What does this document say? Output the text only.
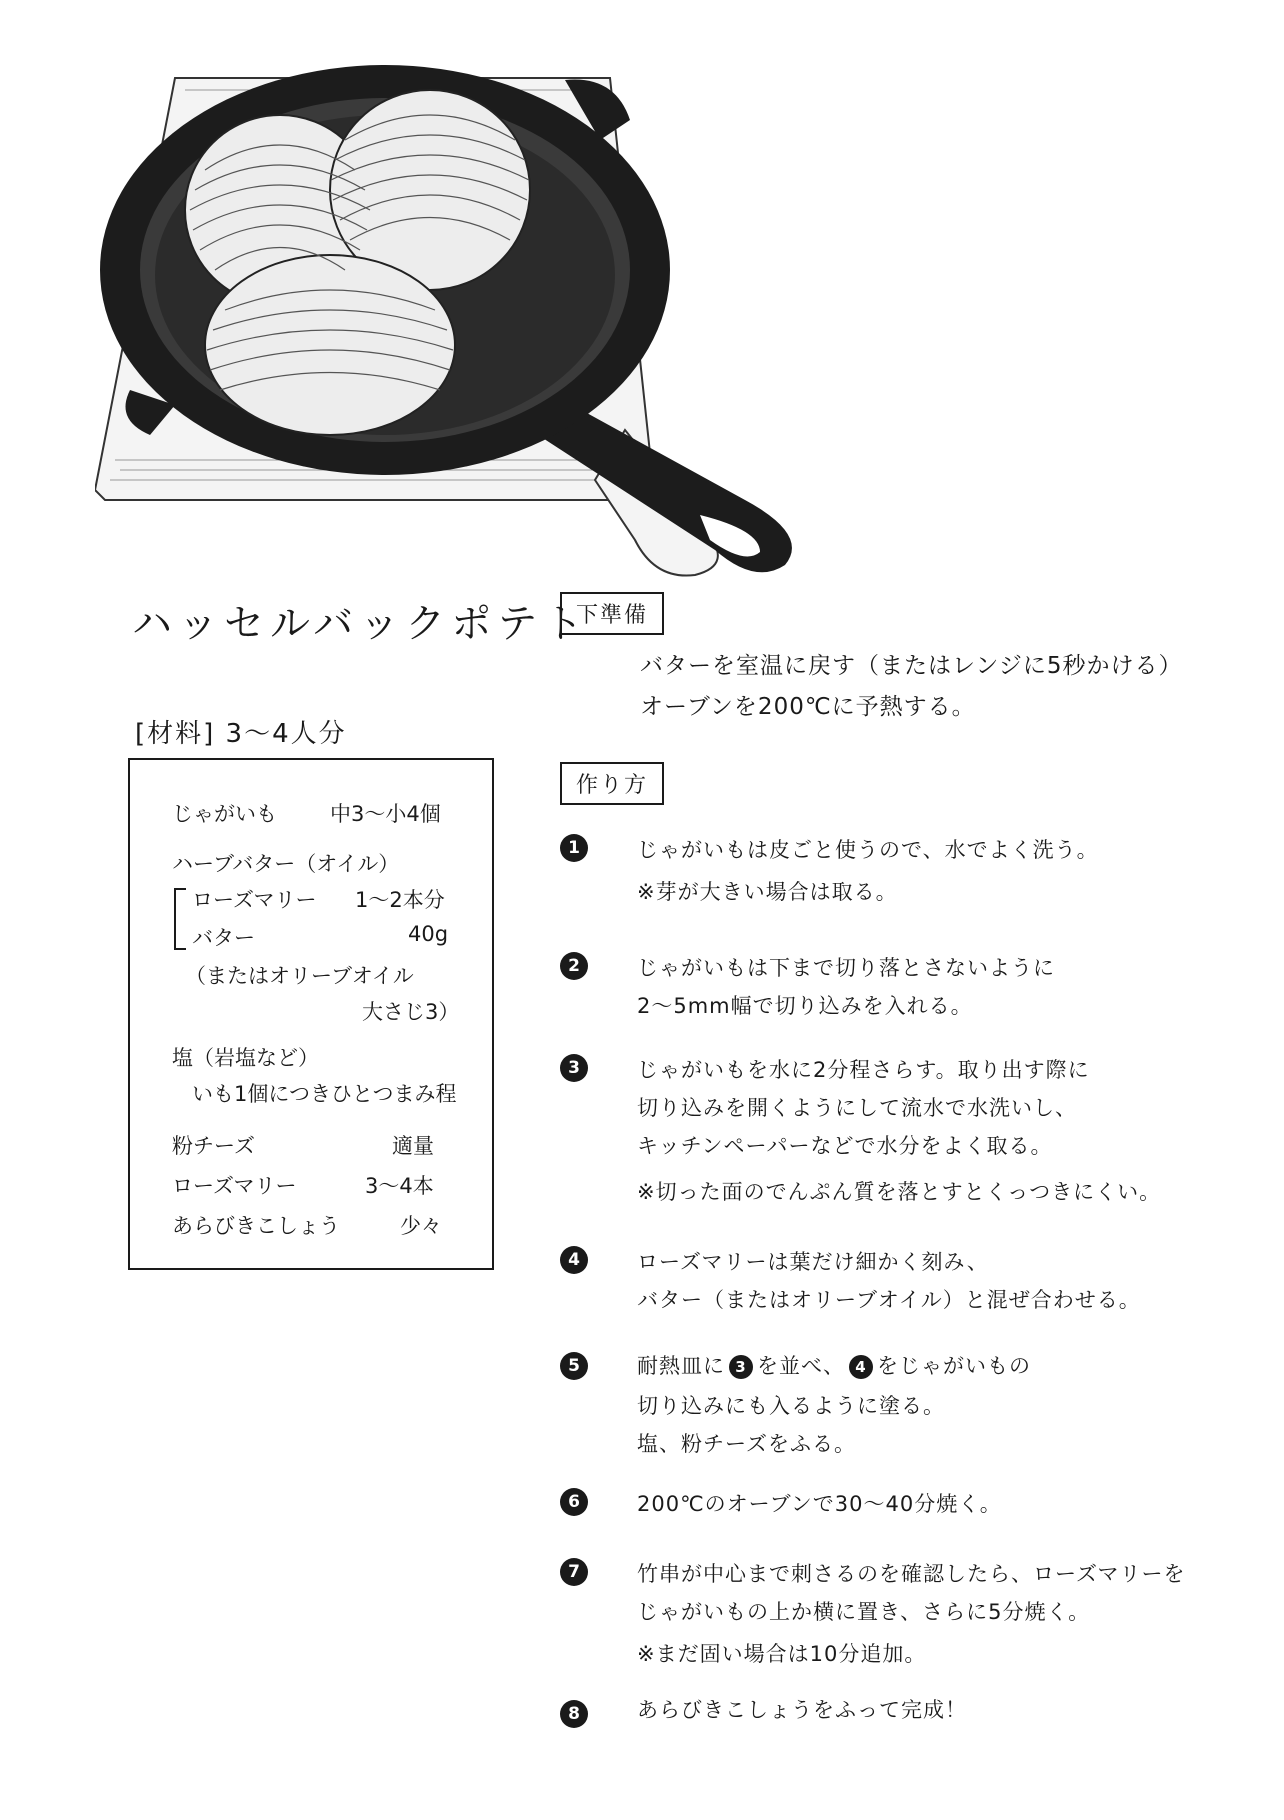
ハッセルバックポテト
[材料] 3～4人分
じゃがいも	中3～小4個
ハーブバター（オイル）
ローズマリー 1～2本分
バター	40g
（またはオリーブオイル
大さじ3）
塩（岩塩など）
いも1個につきひとつまみ程
粉チーズ	適量
ローズマリー	3～4本
あらびきこしょう	少々
下準備
バターを室温に戻す（またはレンジに5秒かける）
オーブンを200℃に予熱する。
作り方
1	じゃがいもは皮ごと使うので、水でよく洗う。
※芽が大きい場合は取る。
2	じゃがいもは下まで切り落とさないように
2～5mm幅で切り込みを入れる。
3	じゃがいもを水に2分程さらす。取り出す際に
切り込みを開くようにして流水で水洗いし、
キッチンペーパーなどで水分をよく取る。
※切った面のでんぷん質を落とすとくっつきにくい。
4	ローズマリーは葉だけ細かく刻み、
バター（またはオリーブオイル）と混ぜ合わせる。
5	耐熱皿に 3 を並べ、 4 をじゃがいもの
切り込みにも入るように塗る。
塩、粉チーズをふる。
6	200℃のオーブンで30～40分焼く。
7	竹串が中心まで刺さるのを確認したら、ローズマリーを
じゃがいもの上か横に置き、さらに5分焼く。
※まだ固い場合は10分追加。
8	あらびきこしょうをふって完成！
